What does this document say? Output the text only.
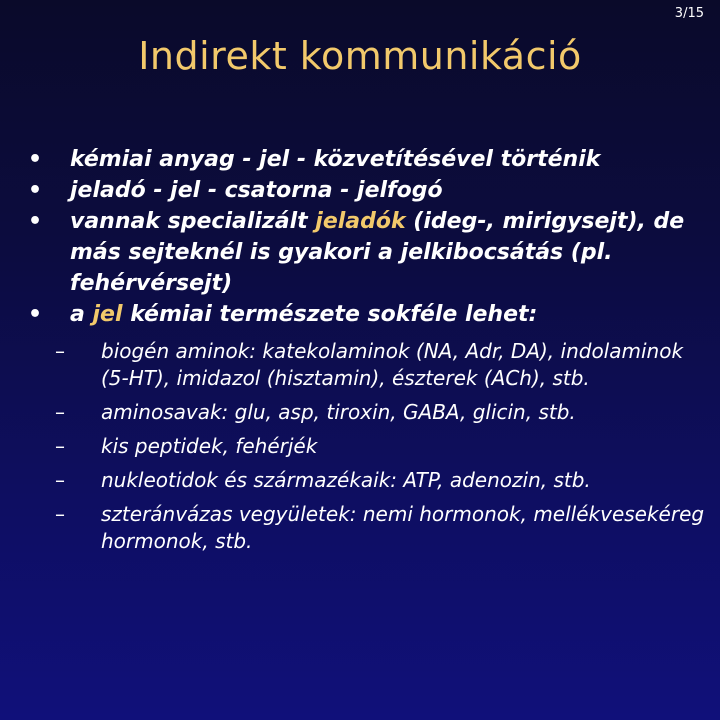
3/15
Indirekt kommunikáció
• kémiai anyag - jel - közvetítésével történik
• jeladó - jel - csatorna - jelfogó
• vannak specializált jeladók (ideg-, mirigysejt), de más sejteknél is gyakori a jelkibocsátás (pl. fehérvérsejt)
• a jel kémiai természete sokféle lehet:
– biogén aminok: katekolaminok (NA, Adr, DA), indolaminok (5-HT), imidazol (hisztamin), észterek (ACh), stb.
– aminosavak: glu, asp, tiroxin, GABA, glicin, stb.
– kis peptidek, fehérjék
– nukleotidok és származékaik: ATP, adenozin, stb.
– szteránvázas vegyületek: nemi hormonok, mellékvesekéreg hormonok, stb.
